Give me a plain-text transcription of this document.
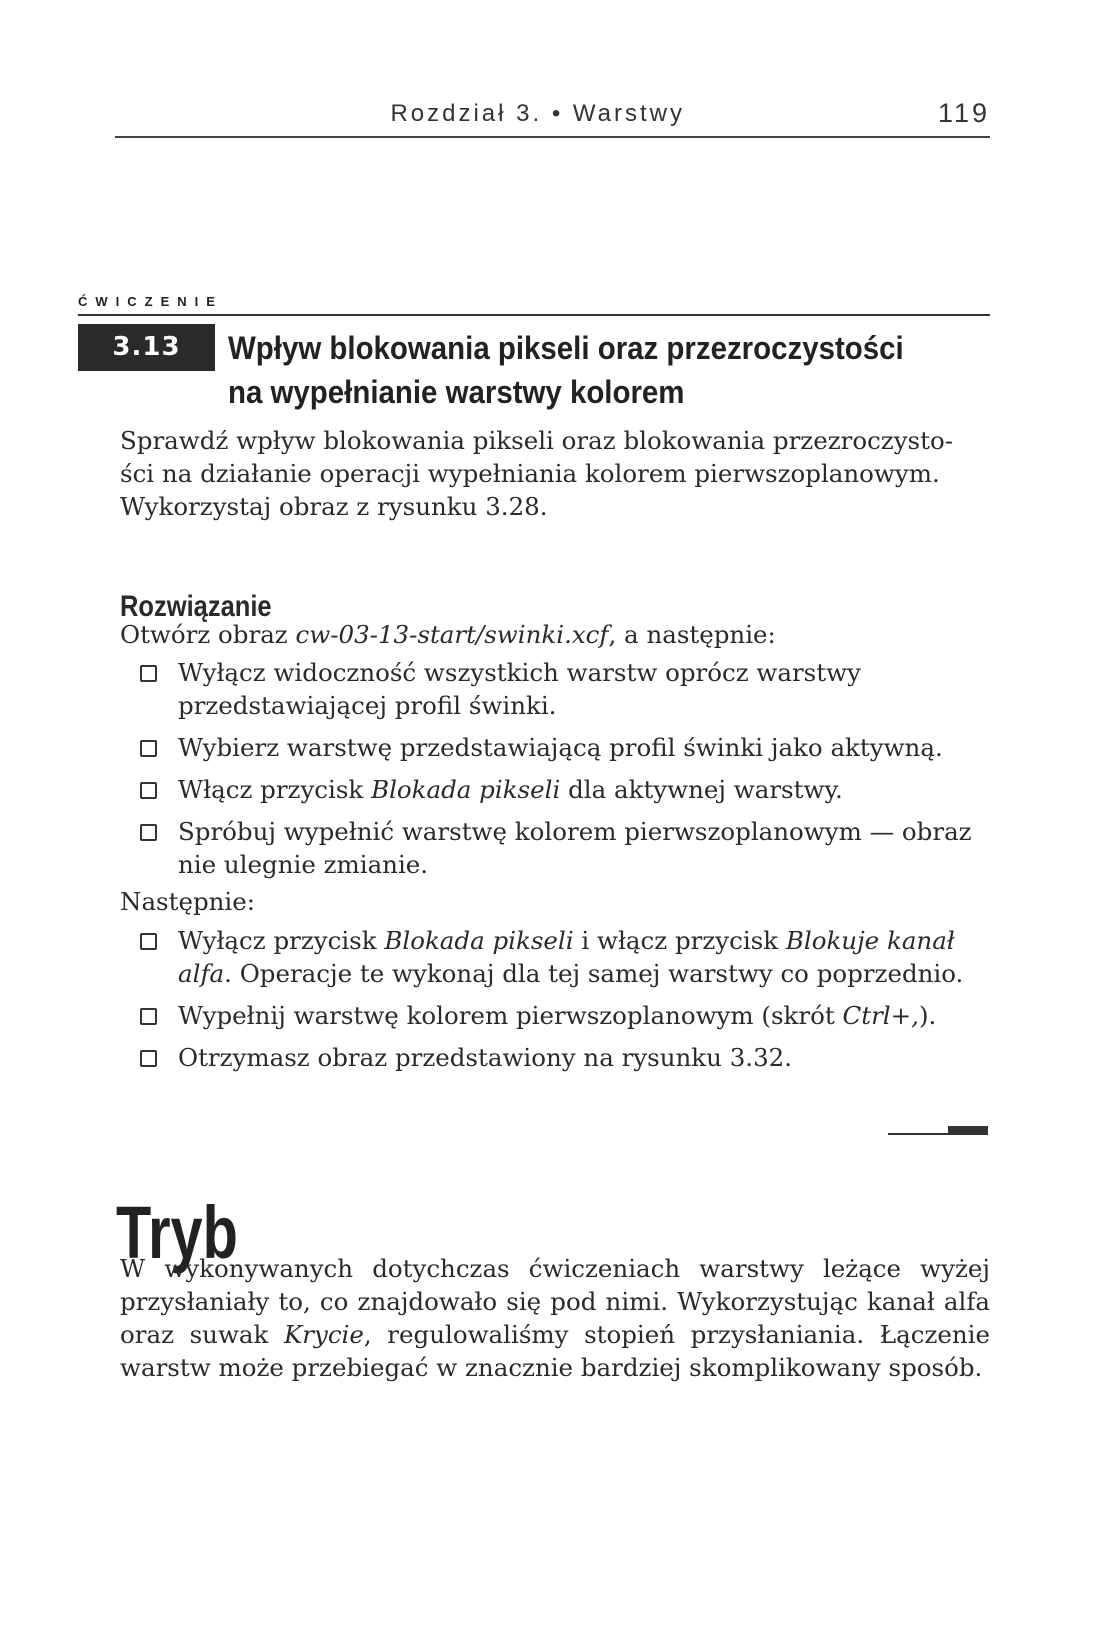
Rozdział 3. • Warstwy	119
ĆWICZENIE
3.13	Wpływ blokowania pikseli oraz przezroczystości
na wypełnianie warstwy kolorem
Sprawdź wpływ blokowania pikseli oraz blokowania przezroczysto-
ści na działanie operacji wypełniania kolorem pierwszoplanowym.
Wykorzystaj obraz z rysunku 3.28.
Rozwiązanie
Otwórz obraz cw-03-13-start/swinki.xcf, a następnie:
Wyłącz widoczność wszystkich warstw oprócz warstwy przedstawiającej profil świnki.
Wybierz warstwę przedstawiającą profil świnki jako aktywną.
Włącz przycisk Blokada pikseli dla aktywnej warstwy.
Spróbuj wypełnić warstwę kolorem pierwszoplanowym — obraz nie ulegnie zmianie.
Następnie:
Wyłącz przycisk Blokada pikseli i włącz przycisk Blokuje kanał alfa. Operacje te wykonaj dla tej samej warstwy co poprzednio.
Wypełnij warstwę kolorem pierwszoplanowym (skrót Ctrl+,).
Otrzymasz obraz przedstawiony na rysunku 3.32.
Tryb
W wykonywanych dotychczas ćwiczeniach warstwy leżące wyżej przysłaniały to, co znajdowało się pod nimi. Wykorzystując kanał alfa oraz suwak Krycie, regulowaliśmy stopień przysłaniania. Łączenie warstw może przebiegać w znacznie bardziej skomplikowany sposób.
